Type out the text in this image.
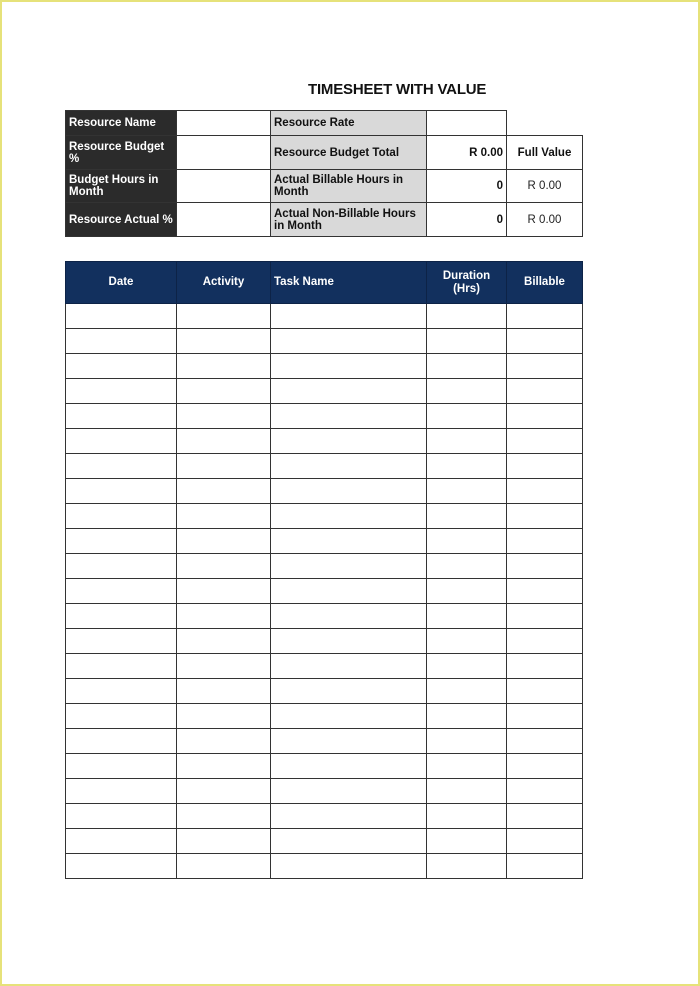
TIMESHEET WITH VALUE
Resource Name		Resource Rate		
Resource Budget %		Resource Budget Total	R 0.00	Full Value
Budget Hours in Month		Actual Billable Hours in Month	0	R 0.00
Resource Actual %		Actual Non-Billable Hours in Month	0	R 0.00
Date	Activity	Task Name	Duration (Hrs)	Billable
